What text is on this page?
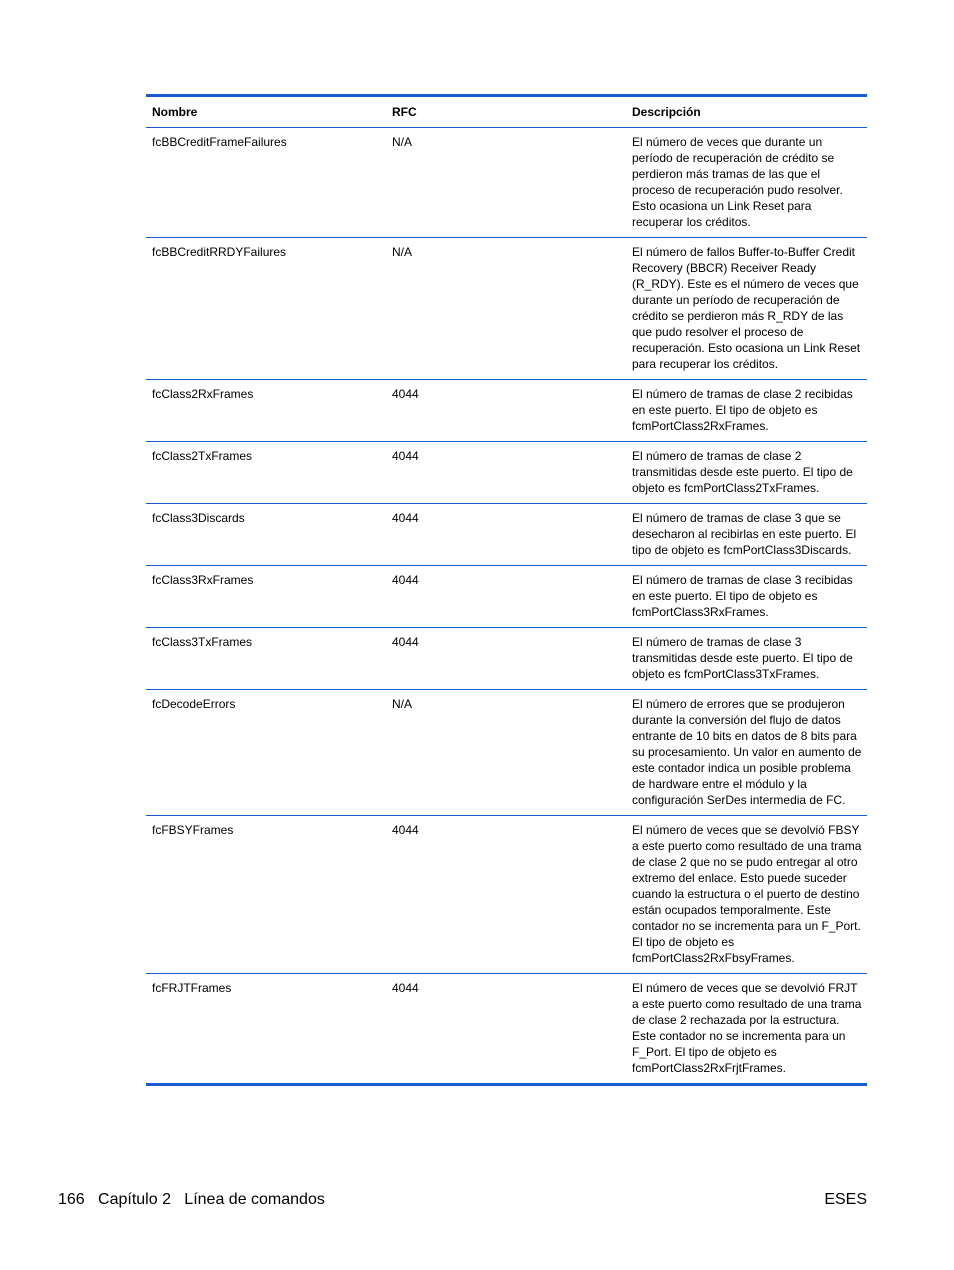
Nombre	RFC	Descripción
fcBBCreditFrameFailures	N/A	El número de veces que durante un período de recuperación de crédito se perdieron más tramas de las que el proceso de recuperación pudo resolver. Esto ocasiona un Link Reset para recuperar los créditos.
fcBBCreditRRDYFailures	N/A	El número de fallos Buffer-to-Buffer Credit Recovery (BBCR) Receiver Ready (R_RDY). Este es el número de veces que durante un período de recuperación de crédito se perdieron más R_RDY de las que pudo resolver el proceso de recuperación. Esto ocasiona un Link Reset para recuperar los créditos.
fcClass2RxFrames	4044	El número de tramas de clase 2 recibidas en este puerto. El tipo de objeto es fcmPortClass2RxFrames.
fcClass2TxFrames	4044	El número de tramas de clase 2 transmitidas desde este puerto. El tipo de objeto es fcmPortClass2TxFrames.
fcClass3Discards	4044	El número de tramas de clase 3 que se desecharon al recibirlas en este puerto. El tipo de objeto es fcmPortClass3Discards.
fcClass3RxFrames	4044	El número de tramas de clase 3 recibidas en este puerto. El tipo de objeto es fcmPortClass3RxFrames.
fcClass3TxFrames	4044	El número de tramas de clase 3 transmitidas desde este puerto. El tipo de objeto es fcmPortClass3TxFrames.
fcDecodeErrors	N/A	El número de errores que se produjeron durante la conversión del flujo de datos entrante de 10 bits en datos de 8 bits para su procesamiento. Un valor en aumento de este contador indica un posible problema de hardware entre el módulo y la configuración SerDes intermedia de FC.
fcFBSYFrames	4044	El número de veces que se devolvió FBSY a este puerto como resultado de una trama de clase 2 que no se pudo entregar al otro extremo del enlace. Esto puede suceder cuando la estructura o el puerto de destino están ocupados temporalmente. Este contador no se incrementa para un F_Port. El tipo de objeto es fcmPortClass2RxFbsyFrames.
fcFRJTFrames	4044	El número de veces que se devolvió FRJT a este puerto como resultado de una trama de clase 2 rechazada por la estructura. Este contador no se incrementa para un F_Port. El tipo de objeto es fcmPortClass2RxFrjtFrames.
166   Capítulo 2   Línea de comandos	ESES
